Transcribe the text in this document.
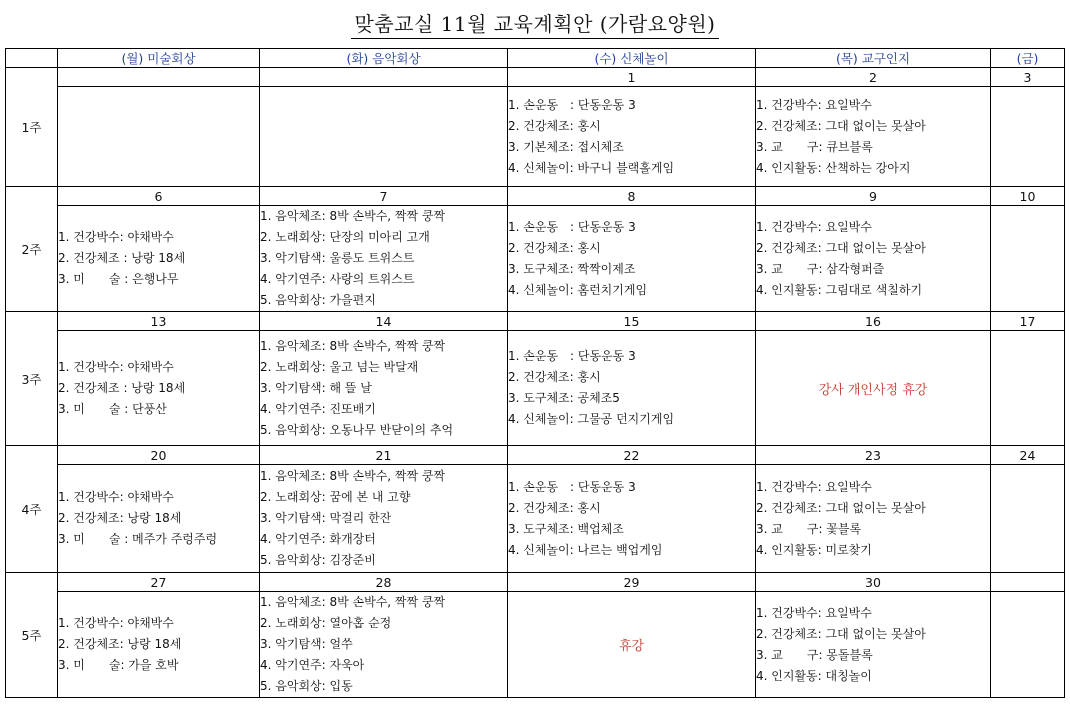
맞춤교실 11월 교육계획안 (가람요양원)
	(월) 미술회상	(화) 음악회상	(수) 신체놀이	(목) 교구인지	(금)
1주			1	2	3

			1. 손운동　: 단동운동 3
2. 건강체조: 홍시
3. 기본체조: 접시체조
4. 신체놀이: 바구니 블랙홀게임	1. 건강박수: 요일박수
2. 건강체조: 그대 없이는 못살아
3. 교　　구: 큐브블록
4. 인지활동: 산책하는 강아지	

2주	6	7	8	9	10

	1. 건강박수: 야채박수
2. 건강체조 : 낭랑 18세
3. 미　　술 : 은행나무	1. 음악체조: 8박 손박수, 짝짝 쿵짝
2. 노래회상: 단장의 미아리 고개
3. 악기탐색: 울릉도 트위스트
4. 악기연주: 사랑의 트위스트
5. 음악회상: 가을편지	1. 손운동　: 단동운동 3
2. 건강체조: 홍시
3. 도구체조: 짝짝이제조
4. 신체놀이: 홈런치기게임	1. 건강박수: 요일박수
2. 건강체조: 그대 없이는 못살아
3. 교　　구: 삼각형퍼즐
4. 인지활동: 그림대로 색칠하기	

3주	13	14	15	16	17

	1. 건강박수: 야채박수
2. 건강체조 : 낭랑 18세
3. 미　　술 : 단풍산	1. 음악체조: 8박 손박수, 짝짝 쿵짝
2. 노래회상: 울고 넘는 박달재
3. 악기탐색: 해 뜰 날
4. 악기연주: 진또배기
5. 음악회상: 오동나무 반닫이의 추억	1. 손운동　: 단동운동 3
2. 건강체조: 홍시
3. 도구체조: 공체조5
4. 신체놀이: 그물공 던지기게임	강사 개인사정 휴강	
4주	20	21	22	23	24

	1. 건강박수: 야채박수
2. 건강체조: 낭랑 18세
3. 미　　술 : 메주가 주렁주렁	1. 음악체조: 8박 손박수, 짝짝 쿵짝
2. 노래회상: 꿈에 본 내 고향
3. 악기탐색: 막걸리 한잔
4. 악기연주: 화개장터
5. 음악회상: 김장준비	1. 손운동　: 단동운동 3
2. 건강체조: 홍시
3. 도구체조: 백업체조
4. 신체놀이: 나르는 백업게임	1. 건강박수: 요일박수
2. 건강체조: 그대 없이는 못살아
3. 교　　구: 꽃블록
4. 인지활동: 미로찾기	

5주	27	28	29	30	

	1. 건강박수: 야채박수
2. 건강체조: 낭랑 18세
3. 미　　술: 가을 호박	1. 음악체조: 8박 손박수, 짝짝 쿵짝
2. 노래회상: 열아홉 순정
3. 악기탐색: 얼쑤
4. 악기연주: 자욱아
5. 음악회상: 입동	휴강	1. 건강박수: 요일박수
2. 건강체조: 그대 없이는 못살아
3. 교　　구: 몽돌블록
4. 인지활동: 대칭놀이	
